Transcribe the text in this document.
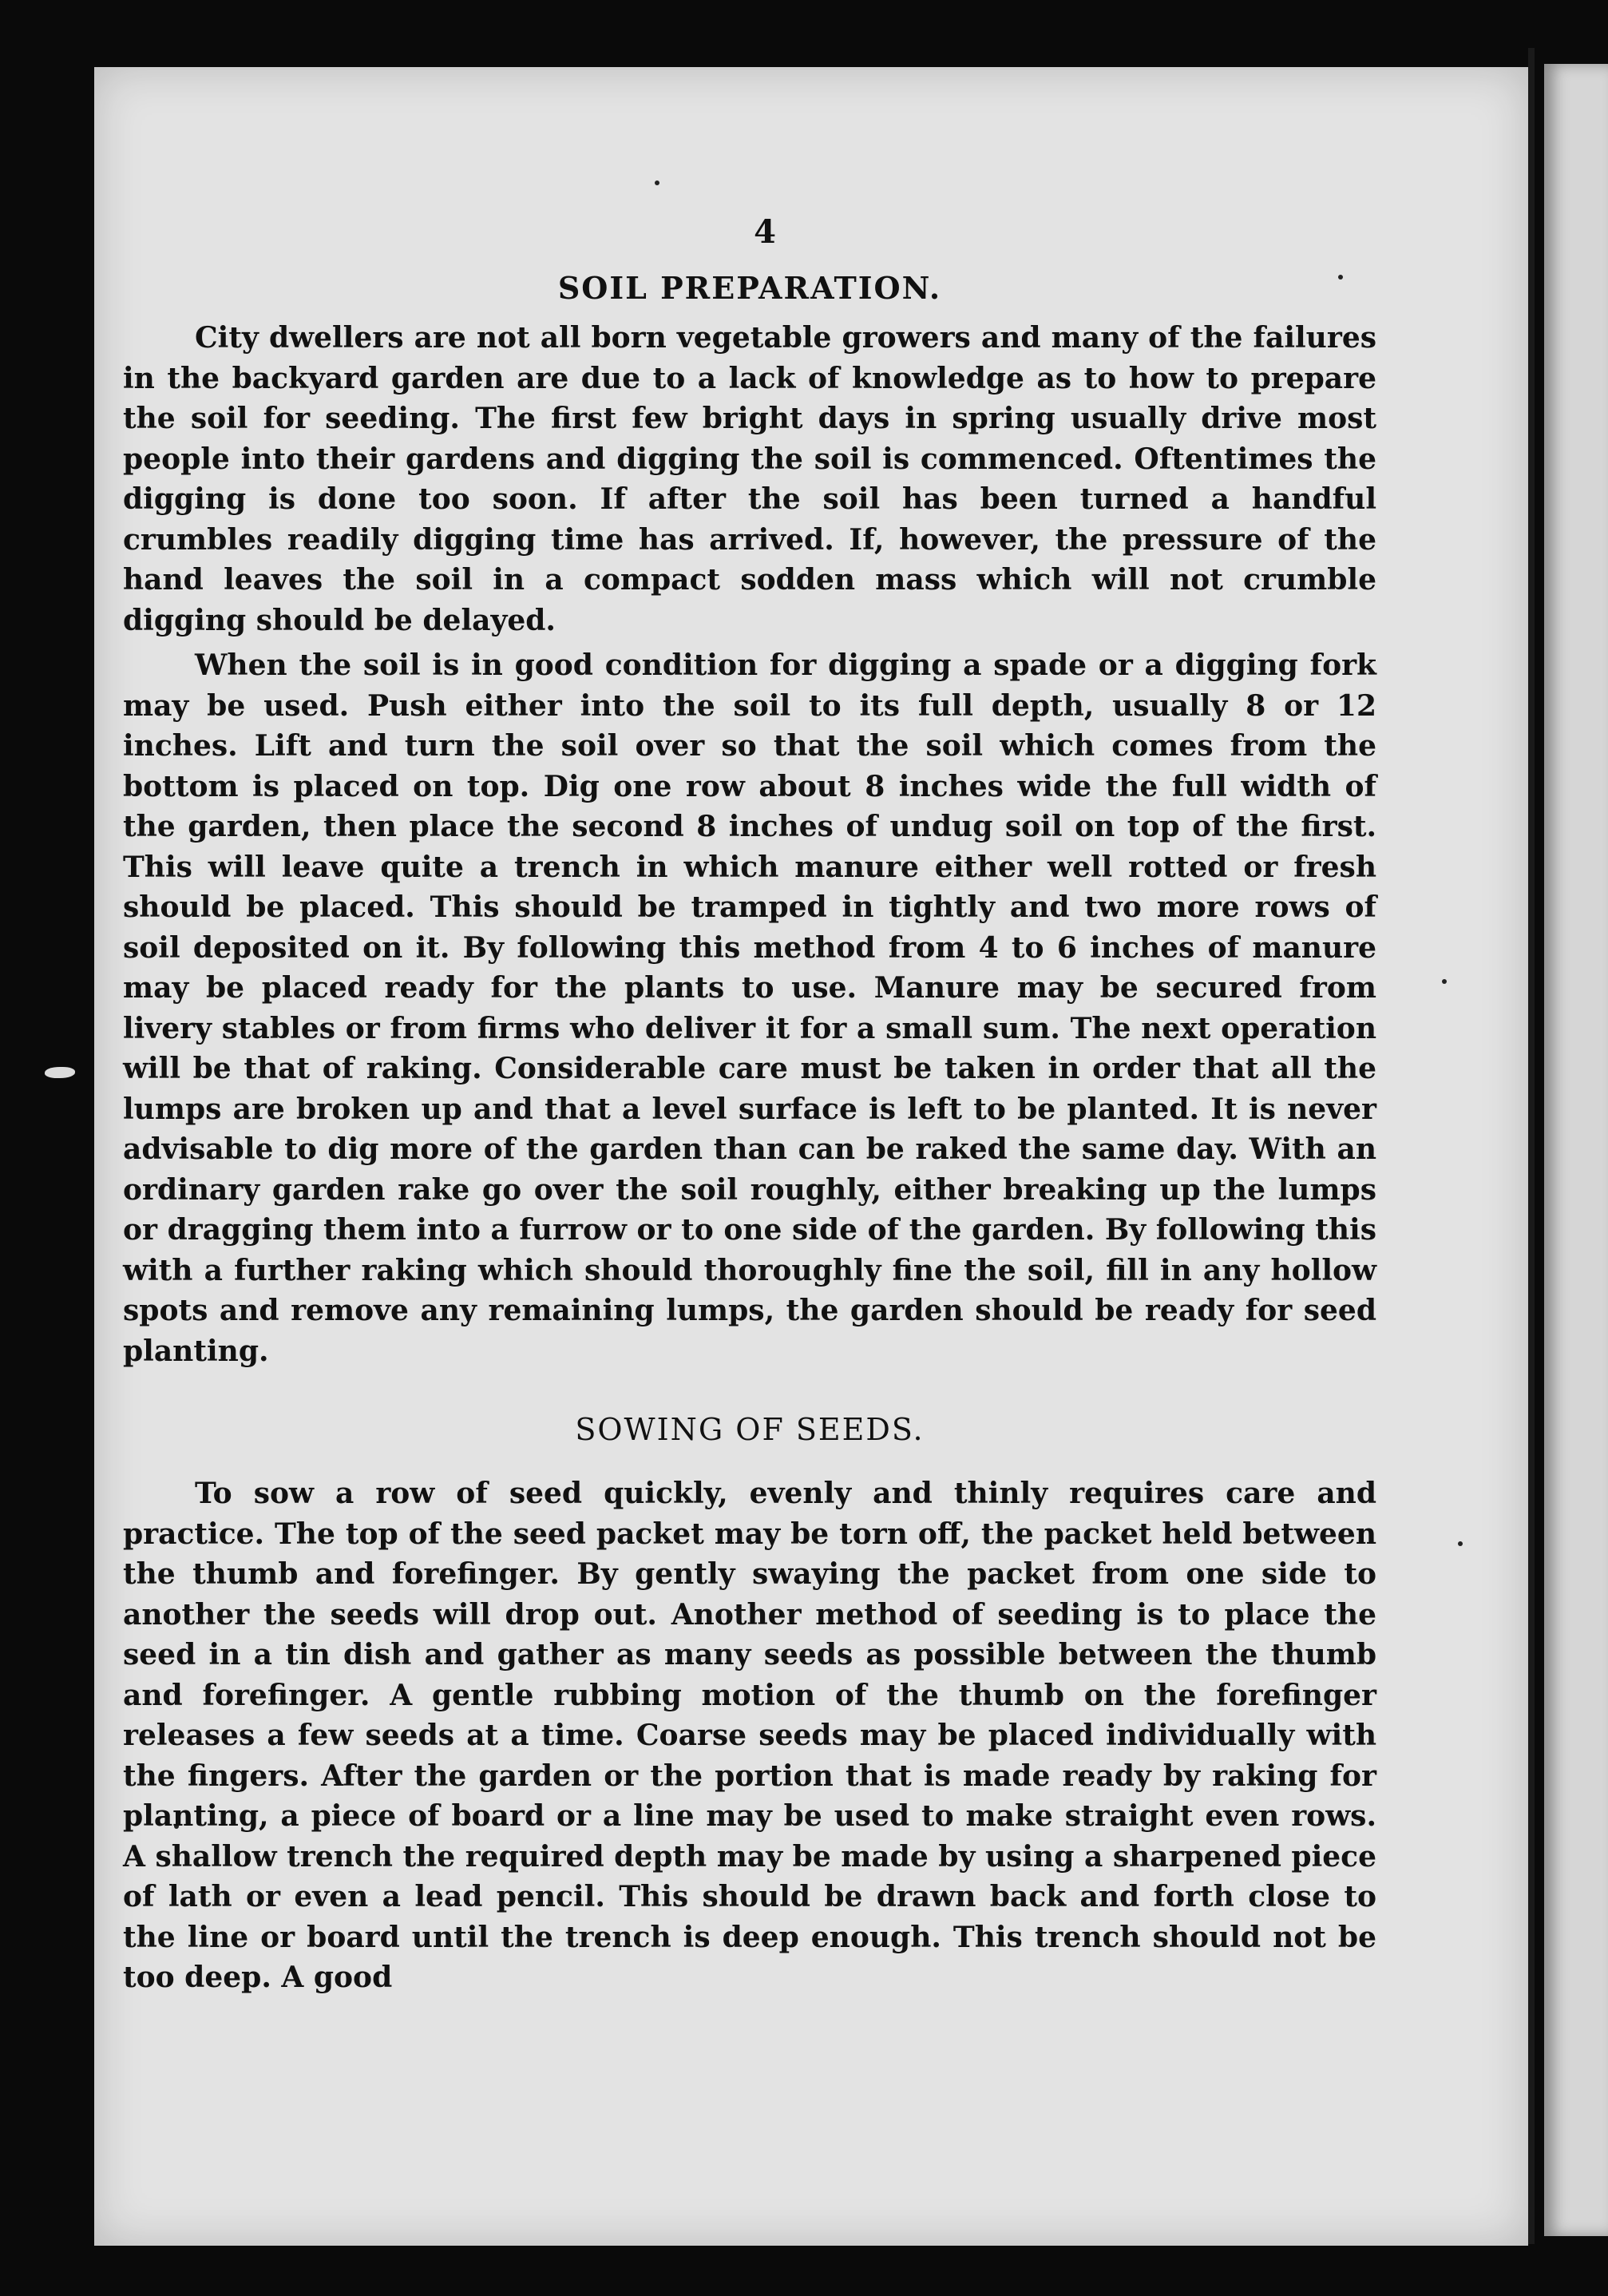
4
SOIL PREPARATION.

City dwellers are not all born vegetable growers and many of the failures in the backyard garden are due to a lack of knowledge as to how to prepare the soil for seeding. The first few bright days in spring usually drive most people into their gardens and digging the soil is commenced. Oftentimes the digging is done too soon. If after the soil has been turned a handful crumbles readily digging time has arrived. If, however, the pressure of the hand leaves the soil in a compact sodden mass which will not crumble digging should be delayed.

When the soil is in good condition for digging a spade or a digging fork may be used. Push either into the soil to its full depth, usually 8 or 12 inches. Lift and turn the soil over so that the soil which comes from the bottom is placed on top. Dig one row about 8 inches wide the full width of the garden, then place the second 8 inches of undug soil on top of the first. This will leave quite a trench in which manure either well rotted or fresh should be placed. This should be tramped in tightly and two more rows of soil deposited on it. By following this method from 4 to 6 inches of manure may be placed ready for the plants to use. Manure may be secured from livery stables or from firms who deliver it for a small sum. The next operation will be that of raking. Considerable care must be taken in order that all the lumps are broken up and that a level surface is left to be planted. It is never advisable to dig more of the garden than can be raked the same day. With an ordinary garden rake go over the soil roughly, either breaking up the lumps or dragging them into a furrow or to one side of the garden. By following this with a further raking which should thoroughly fine the soil, fill in any hollow spots and remove any remaining lumps, the garden should be ready for seed planting.

SOWING OF SEEDS.

To sow a row of seed quickly, evenly and thinly requires care and practice. The top of the seed packet may be torn off, the packet held between the thumb and forefinger. By gently swaying the packet from one side to another the seeds will drop out. Another method of seeding is to place the seed in a tin dish and gather as many seeds as possible between the thumb and forefinger. A gentle rubbing motion of the thumb on the forefinger releases a few seeds at a time. Coarse seeds may be placed individually with the fingers. After the garden or the portion that is made ready by raking for planting, a piece of board or a line may be used to make straight even rows. A shallow trench the required depth may be made by using a sharpened piece of lath or even a lead pencil. This should be drawn back and forth close to the line or board until the trench is deep enough. This trench should not be too deep. A good
